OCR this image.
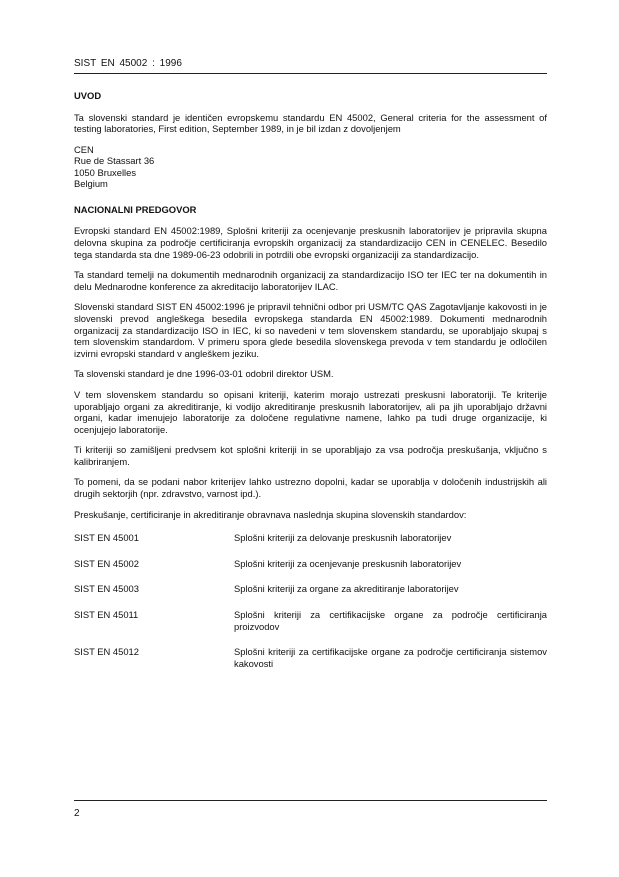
SIST EN 45002 : 1996
UVOD

Ta slovenski standard je identičen evropskemu standardu EN 45002, General criteria for the assessment of testing laboratories, First edition, September 1989, in je bil izdan z dovoljenjem

CEN
Rue de Stassart 36
1050 Bruxelles
Belgium
NACIONALNI PREDGOVOR

Evropski standard EN 45002:1989, Splošni kriteriji za ocenjevanje preskusnih laboratorijev je pripravila skupna delovna skupina za področje certificiranja evropskih organizacij za standardizacijo CEN in CENELEC. Besedilo tega standarda sta dne 1989-06-23 odobrili in potrdili obe evropski organizaciji za standardizacijo.

Ta standard temelji na dokumentih mednarodnih organizacij za standardizacijo ISO ter IEC ter na dokumentih in delu Mednarodne konference za akreditacijo laboratorijev ILAC.

Slovenski standard SIST EN 45002:1996 je pripravil tehnični odbor pri USM/TC QAS Zagotavljanje kakovosti in je slovenski prevod angleškega besedila evropskega standarda EN 45002:1989. Dokumenti mednarodnih organizacij za standardizacijo ISO in IEC, ki so navedeni v tem slovenskem standardu, se uporabljajo skupaj s tem slovenskim standardom. V primeru spora glede besedila slovenskega prevoda v tem standardu je odločilen izvirni evropski standard v angleškem jeziku.

Ta slovenski standard je dne 1996-03-01 odobril direktor USM.

V tem slovenskem standardu so opisani kriteriji, katerim morajo ustrezati preskusni laboratoriji. Te kriterije uporabljajo organi za akreditiranje, ki vodijo akreditiranje preskusnih laboratorijev, ali pa jih uporabljajo državni organi, kadar imenujejo laboratorije za določene regulativne namene, lahko pa tudi druge organizacije, ki ocenjujejo laboratorije.

Ti kriteriji so zamišljeni predvsem kot splošni kriteriji in se uporabljajo za vsa področja preskušanja, vključno s kalibriranjem.

To pomeni, da se podani nabor kriterijev lahko ustrezno dopolni, kadar se uporablja v določenih industrijskih ali drugih sektorjih (npr. zdravstvo, varnost ipd.).

Preskušanje, certificiranje in akreditiranje obravnava naslednja skupina slovenskih standardov:

SIST EN 45001	Splošni kriteriji za delovanje preskusnih laboratorijev
SIST EN 45002	Splošni kriteriji za ocenjevanje preskusnih laboratorijev
SIST EN 45003	Splošni kriteriji za organe za akreditiranje laboratorijev
SIST EN 45011	Splošni kriteriji za certifikacijske organe za področje certificiranja proizvodov
SIST EN 45012	Splošni kriteriji za certifikacijske organe za področje certificiranja sistemov kakovosti
2
